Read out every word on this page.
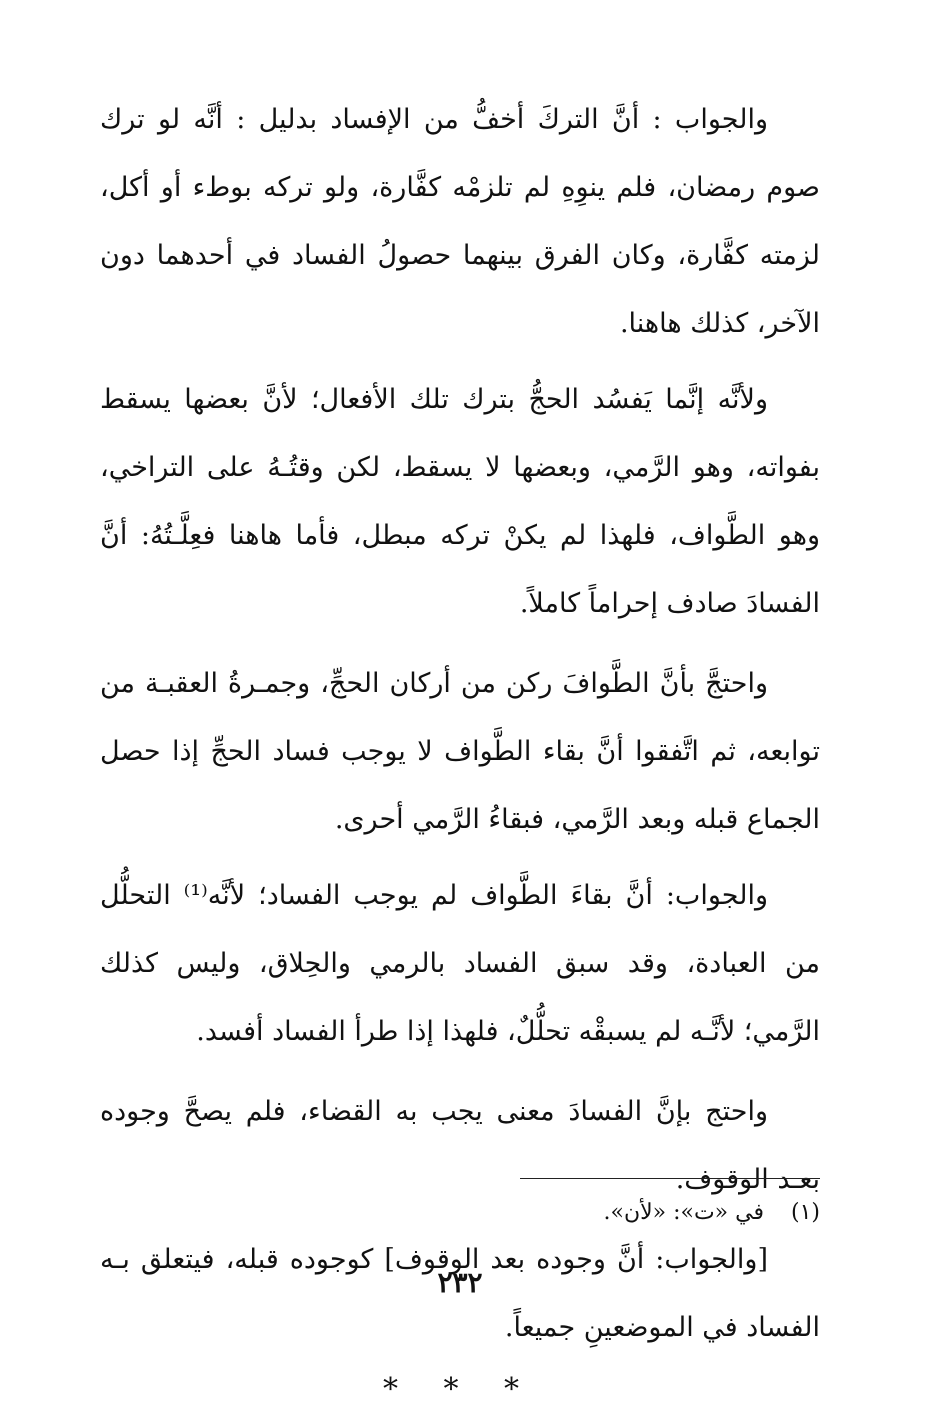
والجواب : أنَّ التركَ أخفُّ من الإفساد بدليل : أنَّه لو ترك صوم رمضان، فلم ينوِهِ لم تلزمْه كفَّارة، ولو تركه بوطء أو أكل، لزمته كفَّارة، وكان الفرق بينهما حصولُ الفساد في أحدهما دون الآخر، كذلك هاهنا.

ولأنَّه إنَّما يَفسُد الحجُّ بترك تلك الأفعال؛ لأنَّ بعضها يسقط بفواته، وهو الرَّمي، وبعضها لا يسقط، لكن وقتُـهُ على التراخي، وهو الطَّواف، فلهذا لم يكنْ تركه مبطل، فأما هاهنا فعِلَّـتُهُ: أنَّ الفسادَ صادف إحراماً كاملاً.

واحتجَّ بأنَّ الطَّوافَ ركن من أركان الحجِّ، وجمـرةُ العقبـة من توابعه، ثم اتَّفقوا أنَّ بقاء الطَّواف لا يوجب فساد الحجِّ إذا حصل الجماع قبله وبعد الرَّمي، فبقاءُ الرَّمي أحرى.

والجواب: أنَّ بقاءَ الطَّواف لم يوجب الفساد؛ لأنَّه⁽¹⁾ التحلُّل من العبادة، وقد سبق الفساد بالرمي والحِلاق، وليس كذلك الرَّمي؛ لأنَّـه لم يسبقْه تحلُّلٌ، فلهذا إذا طرأ الفساد أفسد.

واحتج بإنَّ الفسادَ معنى يجب به القضاء، فلم يصحَّ وجوده بعـد الوقوف.

[والجواب: أنَّ وجوده بعد الوقوف] كوجوده قبله، فيتعلق بـه الفساد في الموضعينِ جميعاً.

* * *
(١) في «ت»: «لأن».
٢٣٢
